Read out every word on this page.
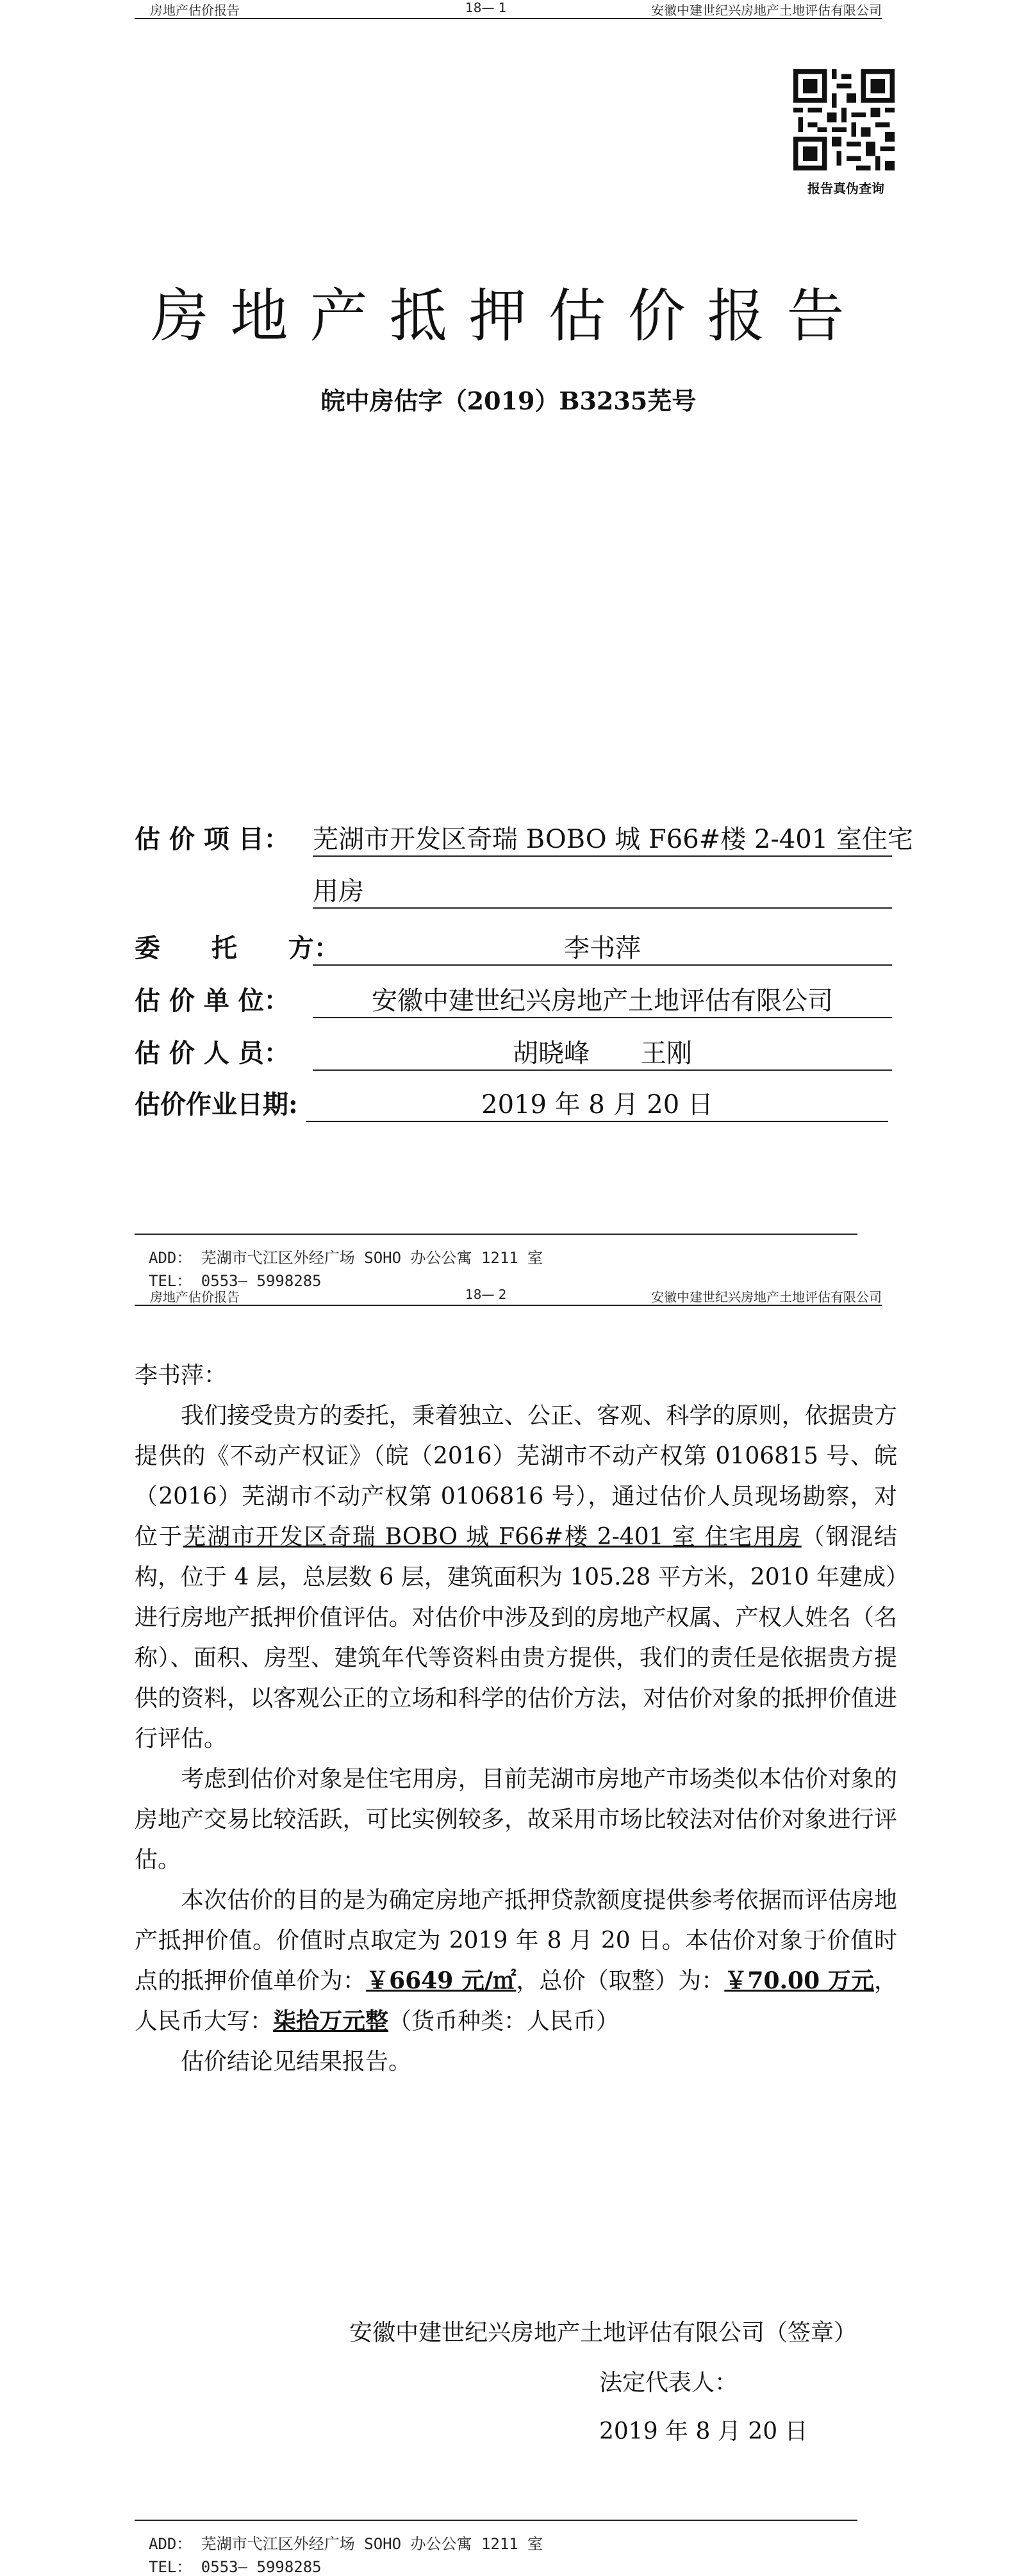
房地产估价报告	18— 1	安徽中建世纪兴房地产土地评估有限公司
报告真伪查询
房地产抵押估价报告
皖中房估字（2019）B3235芜号
估 价 项 目： 芜湖市开发区奇瑞 BOBO 城 F66#楼 2-401 室住宅
用房
委　　托　　方：	李书萍
估 价 单 位：	安徽中建世纪兴房地产土地评估有限公司
估 价 人 员：	胡晓峰　　王刚
估价作业日期:	2019 年 8 月 20 日
ADD： 芜湖市弋江区外经广场 SOHO 办公公寓 1211 室
TEL： 0553— 5998285
房地产估价报告	18— 2	安徽中建世纪兴房地产土地评估有限公司
李书萍：

我们接受贵方的委托，秉着独立、公正、客观、科学的原则，依据贵方提供的《不动产权证》（皖（2016）芜湖市不动产权第 0106815 号、皖（2016）芜湖市不动产权第 0106816 号），通过估价人员现场勘察，对位于芜湖市开发区奇瑞 BOBO 城 F66#楼 2-401 室 住宅用房（钢混结构，位于 4 层，总层数 6 层，建筑面积为 105.28 平方米，2010 年建成）进行房地产抵押价值评估。对估价中涉及到的房地产权属、产权人姓名（名称）、面积、房型、建筑年代等资料由贵方提供，我们的责任是依据贵方提供的资料，以客观公正的立场和科学的估价方法，对估价对象的抵押价值进行评估。

考虑到估价对象是住宅用房，目前芜湖市房地产市场类似本估价对象的房地产交易比较活跃，可比实例较多，故采用市场比较法对估价对象进行评估。

本次估价的目的是为确定房地产抵押贷款额度提供参考依据而评估房地产抵押价值。价值时点取定为 2019 年 8 月 20 日。本估价对象于价值时点的抵押价值单价为：￥6649 元/㎡，总价（取整）为：￥70.00 万元，人民币大写：柒拾万元整（货币种类：人民币）

估价结论见结果报告。

安徽中建世纪兴房地产土地评估有限公司（签章）
法定代表人：
2019 年 8 月 20 日
ADD： 芜湖市弋江区外经广场 SOHO 办公公寓 1211 室
TEL： 0553— 5998285
